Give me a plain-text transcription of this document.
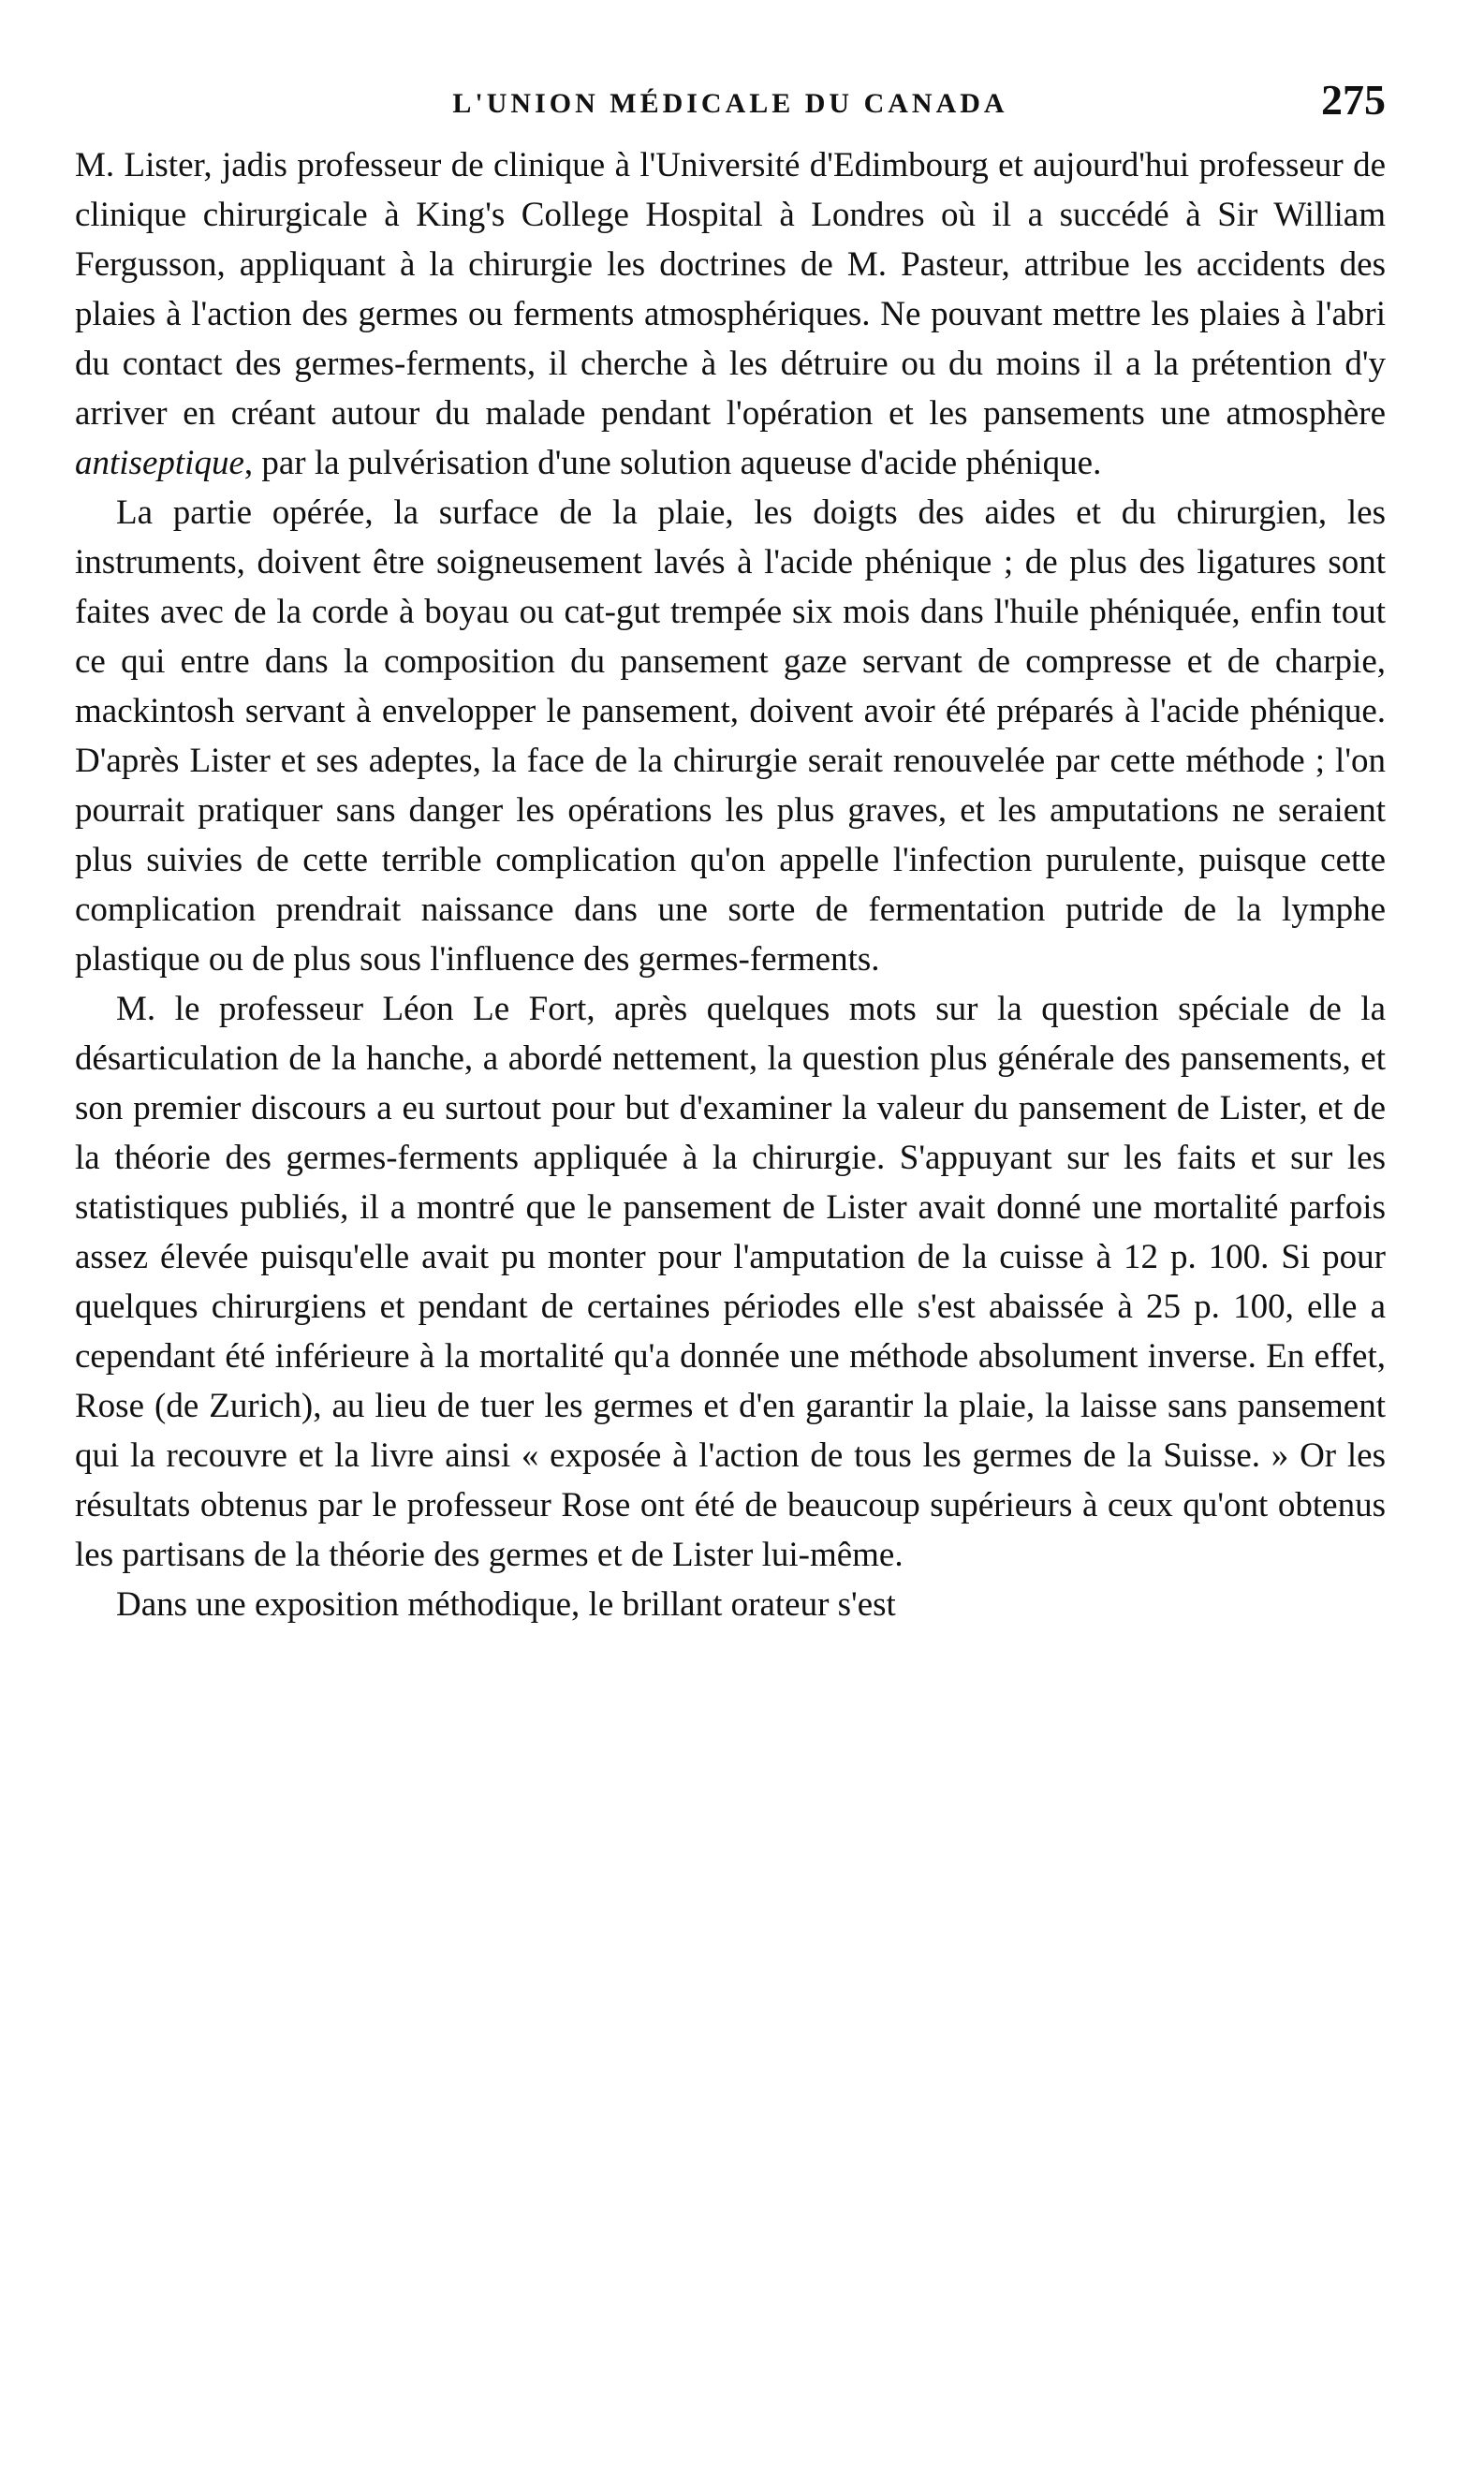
L'UNION MÉDICALE DU CANADA	275

M. Lister, jadis professeur de clinique à l'Université d'Edimbourg et aujourd'hui professeur de clinique chirurgicale à King's College Hospital à Londres où il a succédé à Sir William Fergusson, appliquant à la chirurgie les doctrines de M. Pasteur, attribue les accidents des plaies à l'action des germes ou ferments atmosphériques. Ne pouvant mettre les plaies à l'abri du contact des germes-ferments, il cherche à les détruire ou du moins il a la prétention d'y arriver en créant autour du malade pendant l'opération et les pansements une atmosphère antiseptique, par la pulvérisation d'une solution aqueuse d'acide phénique.

La partie opérée, la surface de la plaie, les doigts des aides et du chirurgien, les instruments, doivent être soigneusement lavés à l'acide phénique ; de plus des ligatures sont faites avec de la corde à boyau ou cat-gut trempée six mois dans l'huile phéniquée, enfin tout ce qui entre dans la composition du pansement gaze servant de compresse et de charpie, mackintosh servant à envelopper le pansement, doivent avoir été préparés à l'acide phénique. D'après Lister et ses adeptes, la face de la chirurgie serait renouvelée par cette méthode ; l'on pourrait pratiquer sans danger les opérations les plus graves, et les amputations ne seraient plus suivies de cette terrible complication qu'on appelle l'infection purulente, puisque cette complication prendrait naissance dans une sorte de fermentation putride de la lymphe plastique ou de plus sous l'influence des germes-ferments.

M. le professeur Léon Le Fort, après quelques mots sur la question spéciale de la désarticulation de la hanche, a abordé nettement, la question plus générale des pansements, et son premier discours a eu surtout pour but d'examiner la valeur du pansement de Lister, et de la théorie des germes-ferments appliquée à la chirurgie. S'appuyant sur les faits et sur les statistiques publiés, il a montré que le pansement de Lister avait donné une mortalité parfois assez élevée puisqu'elle avait pu monter pour l'amputation de la cuisse à 12 p. 100. Si pour quelques chirurgiens et pendant de certaines périodes elle s'est abaissée à 25 p. 100, elle a cependant été inférieure à la mortalité qu'a donnée une méthode absolument inverse. En effet, Rose (de Zurich), au lieu de tuer les germes et d'en garantir la plaie, la laisse sans pansement qui la recouvre et la livre ainsi « exposée à l'action de tous les germes de la Suisse. » Or les résultats obtenus par le professeur Rose ont été de beaucoup supérieurs à ceux qu'ont obtenus les partisans de la théorie des germes et de Lister lui-même.

Dans une exposition méthodique, le brillant orateur s'est
